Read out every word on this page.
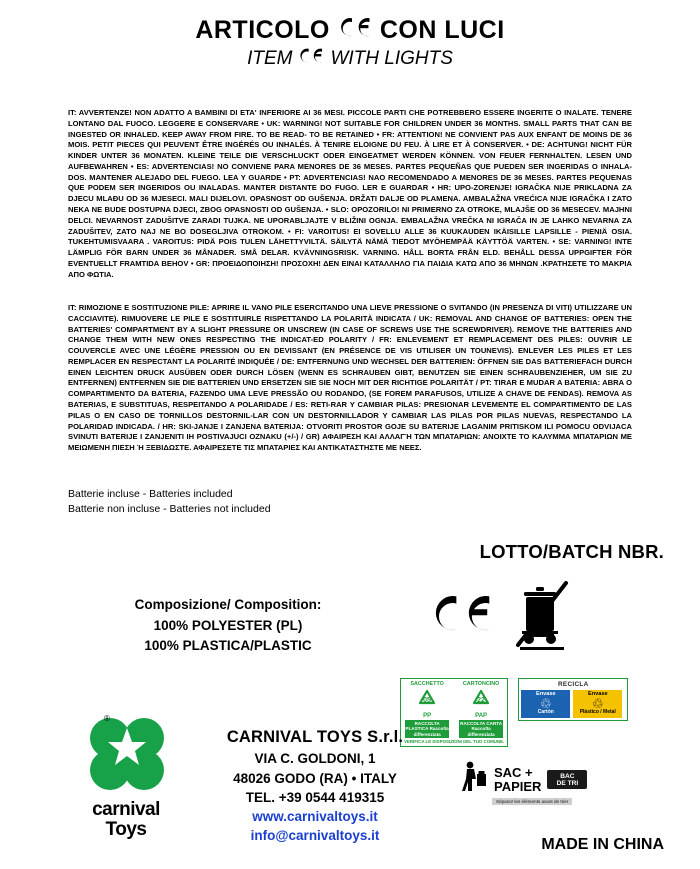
ARTICOLO CON LUCI
ITEM WITH LIGHTS
IT: AVVERTENZE! NON ADATTO A BAMBINI DI ETA' INFERIORE AI 36 MESI. PICCOLE PARTI CHE POTREBBERO ESSERE INGERITE O INALATE. TENERE LONTANO DAL FUOCO. LEGGERE E CONSERVARE • UK: WARNING! NOT SUITABLE FOR CHILDREN UNDER 36 MONTHS. SMALL PARTS THAT CAN BE INGESTED OR INHALED. KEEP AWAY FROM FIRE. TO BE READ- TO BE RETAINED • FR: ATTENTION! NE CONVIENT PAS AUX ENFANT DE MOINS DE 36 MOIS. PETIT PIECES QUI PEUVENT ÊTRE INGÉRÉS OU INHALÉS. À TENIRE ELOIGNE DU FEU. À LIRE ET À CONSERVER. • DE: ACHTUNG! NICHT FÜR KINDER UNTER 36 MONATEN. KLEINE TEILE DIE VERSCHLUCKT ODER EINGEATMET WERDEN KÖNNEN. VON FEUER FERNHALTEN. LESEN UND AUFBEWAHREN • ES: ADVERTENCIAS! NO CONVIENE PARA MENORES DE 36 MESES. PARTES PEQUEÑAS QUE PUEDEN SER INGERIDAS O INHALA-DOS. MANTENER ALEJADO DEL FUEGO. LEA Y GUARDE • PT: ADVERTENCIAS! NAO RECOMENDADO A MENORES DE 36 MESES. PARTES PEQUENAS QUE PODEM SER INGERIDOS OU INALADAS. MANTER DISTANTE DO FUGO. LER E GUARDAR • HR: UPO-ZORENJE! IGRAČKA NIJE PRIKLADNA ZA DJECU MLAĐU OD 36 MJESECI. MALI DIJELOVI. OPASNOST OD GUŠENJA. DRŽATI DALJE OD PLAMENA. AMBALAŽNA VREĆICA NIJE IGRAČKA I ZATO NEKA NE BUDE DOSTUPNA DJECI, ZBOG OPASNOSTI OD GUŠENJA. • SLO: OPOZORILO! NI PRIMERNO ZA OTROKE, MLAJŠE OD 36 MESECEV. MAJHNI DELCI. NEVARNOST ZADUŠITVE ZARADI TUJKA. NE UPORABLJAJTE V BLIŽINI OGNJA. EMBALAŽNA VREČKA NI IGRAČA IN JE LAHKO NEVARNA ZA ZADUŠITEV, ZATO NAJ NE BO DOSEGLJIVA OTROKOM. • FI: VAROITUS! EI SOVELLU ALLE 36 KUUKAUDEN IKÄISILLE LAPSILLE - PIENIÄ OSIA. TUKEHTUMISVAARA . VAROITUS: PIDÄ POIS TULEN LÄHETTYVILTÄ. SÄILYTÄ NÄMÄ TIEDOT MYÖHEMPÄÄ KÄYTTÖÄ VARTEN. • SE: VARNING! INTE LÄMPLIG FÖR BARN UNDER 36 MÅNADER. SMÅ DELAR. KVÄVNINGSRISK. VARNING. HÅLL BORTA FRÅN ELD. BEHÅLL DESSA UPPGIFTER FÖR EVENTUELLT FRAMTIDA BEHOV • GR: ΠΡΟΕΙΔΟΠΟΙΗΣΗ! ΠΡΟΣΟΧΗ! ΔΕΝ ΕΙΝΑΙ ΚΑΤΑΛΛΗΛΟ ΓΙΑ ΠΑΙΔΙΑ ΚΑΤΩ ΑΠΟ 36 ΜΗΝΩΝ .ΚΡΑΤΗΣΕΤΕ ΤΟ ΜΑΚΡΙΑ ΑΠΟ ΦΩΤΙΑ.
IT: RIMOZIONE E SOSTITUZIONE PILE: APRIRE IL VANO PILE ESERCITANDO UNA LIEVE PRESSIONE O SVITANDO (IN PRESENZA DI VITI) UTILIZZARE UN CACCIAVITE). RIMUOVERE LE PILE E SOSTITUIRLE RISPETTANDO LA POLARITÀ INDICATA / UK: REMOVAL AND CHANGE OF BATTERIES: OPEN THE BATTERIES' COMPARTMENT BY A SLIGHT PRESSURE OR UNSCREW (IN CASE OF SCREWS USE THE SCREWDRIVER). REMOVE THE BATTERIES AND CHANGE THEM WITH NEW ONES RESPECTING THE INDICAT-ED POLARITY / FR: ENLEVEMENT ET REMPLACEMENT DES PILES: OUVRIR LE COUVERCLE AVEC UNE LÉGÈRE PRESSION OU EN DEVISSANT (EN PRÉSENCE DE VIS UTILISER UN TOUNEVIS). ENLEVER LES PILES ET LES REMPLACER EN RESPECTANT LA POLARITÉ INDIQUÉE / DE: ENTFERNUNG UND WECHSEL DER BATTERIEN: ÖFFNEN SIE DAS BATTERIEFACH DURCH EINEN LEICHTEN DRUCK AUSÜBEN ODER DURCH LÖSEN (WENN ES SCHRAUBEN GIBT, BENUTZEN SIE EINEN SCHRAUBENZIEHER, UM SIE ZU ENTFERNEN) ENTFERNEN SIE DIE BATTERIEN UND ERSETZEN SIE SIE NOCH MIT DER RICHTIGE POLARITÄT / PT: TIRAR E MUDAR A BATERIA: ABRA O COMPARTIMENTO DA BATERIA, FAZENDO UMA LEVE PRESSÃO OU RODANDO, (SE FOREM PARAFUSOS, UTILIZE A CHAVE DE FENDAS). REMOVA AS BATERIAS, E SUBSTITUAS, RESPEITANDO A POLARIDADE / ES: RETI-RAR Y CAMBIAR PILAS: PRESIONAR LEVEMENTE EL COMPARTIMENTO DE LAS PILAS O EN CASO DE TORNILLOS DESTORNIL-LAR CON UN DESTORNILLADOR Y CAMBIAR LAS PILAS POR PILAS NUEVAS, RESPECTANDO LA POLARIDAD INDICADA. / HR: SKI-JANJE I ZANJENA BATERIJA: OTVORITI PROSTOR GOJE SU BATERIJE LAGANIM PRITISKOM ILI POMOCU ODVIJACA SVINUTI BATERIJE I ZANJENITI IH POSTIVAJUCI OZNAKU (+/-) / GR) ΑΦΑΙΡΕΣΗ ΚΑΙ ΑΛΛΑΓΉ ΤΩΝ ΜΠΑΤΑΡΙΩΝ: ΑΝΟΙΧΤΕ ΤΟ ΚΑΛΥΜΜΑ ΜΠΑΤΑΡΙΩΝ ΜΕ ΜΕΙΩΜΕΝΗ ΠΙΕΣΗ Ή ΞΕΒΙΔΩΣΤΕ. ΑΦΑΙΡΕΣΕΤΕ ΤΙΣ ΜΠΑΤΑΡΙΕΣ ΚΑΙ ΑΝΤΙΚΑΤΑΣΤΗΣΤΕ ΜΕ ΝΕΕΣ.
Batterie incluse - Batteries included
Batterie non incluse - Batteries not included
LOTTO/BATCH NBR.
Composizione/ Composition:
100% POLYESTER (PL)
100% PLASTICA/PLASTIC
SACCHETTO	CARTONCINO
05
PP
22
PAP
RACCOLTA PLASTICA Raccolta differenziata
RACCOLTA CARTA Raccolta differenziata
VERIFICA LE DISPOSIZIONI DEL TUO COMUNE.
RECICLA
Envase
♲
Cartón
Envase
♲
Plástico / Metal
SAC +
PAPIER
BAC
DE TRI
Séparez les éléments avant de trier
CARNIVAL TOYS S.r.l.
VIA C. GOLDONI, 1
48026 GODO (RA) • ITALY
TEL. +39 0544 419315
www.carnivaltoys.it
info@carnivaltoys.it
carnival
Toys
®
MADE IN CHINA
